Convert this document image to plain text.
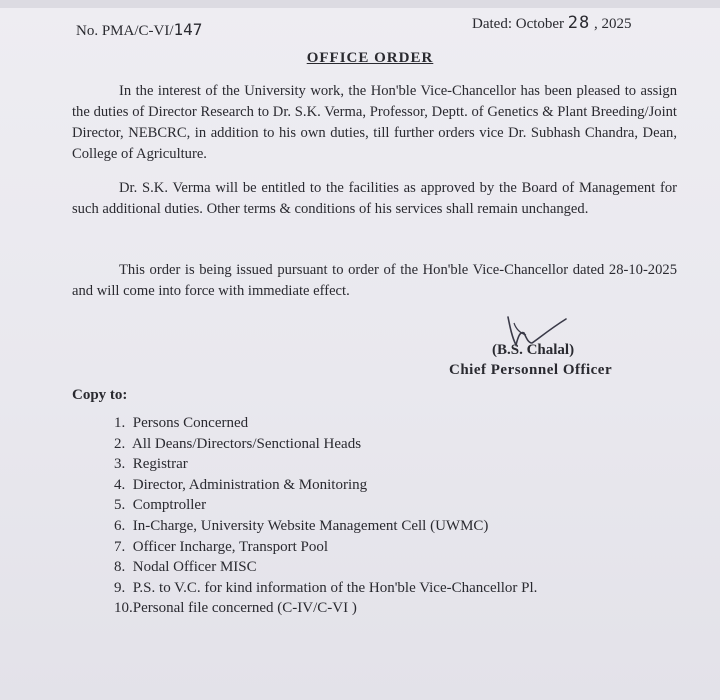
No. PMA/C-VI/147	Dated: October 28 , 2025
OFFICE ORDER

In the interest of the University work, the Hon'ble Vice-Chancellor has been pleased to assign the duties of Director Research to Dr. S.K. Verma, Professor, Deptt. of Genetics & Plant Breeding/Joint Director, NEBCRC, in addition to his own duties, till further orders vice Dr. Subhash Chandra, Dean, College of Agriculture.

Dr. S.K. Verma will be entitled to the facilities as approved by the Board of Management for such additional duties. Other terms & conditions of his services shall remain unchanged.

This order is being issued pursuant to order of the Hon'ble Vice-Chancellor dated 28-10-2025 and will come into force with immediate effect.

(B.S. Chalal)
Chief Personnel Officer
Copy to:
1. Persons Concerned
2. All Deans/Directors/Senctional Heads
3. Registrar
4. Director, Administration & Monitoring
5. Comptroller
6. In-Charge, University Website Management Cell (UWMC)
7. Officer Incharge, Transport Pool
8. Nodal Officer MISC
9. P.S. to V.C. for kind information of the Hon'ble Vice-Chancellor Pl.
10.Personal file concerned (C-IV/C-VI )
